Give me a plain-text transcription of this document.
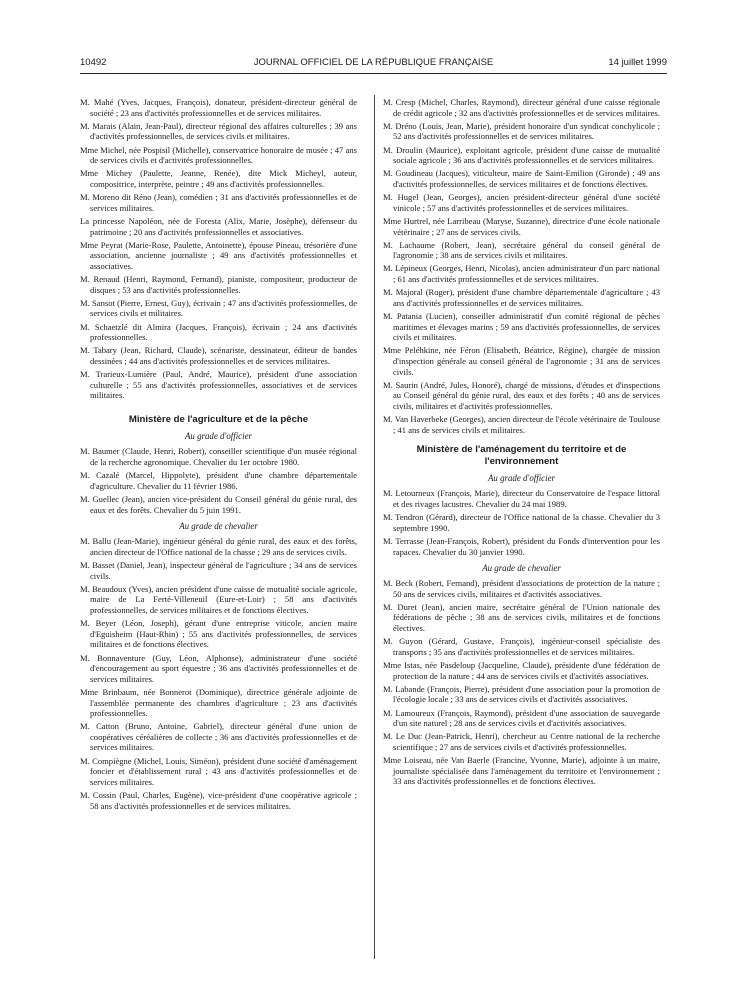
10492	JOURNAL OFFICIEL DE LA RÉPUBLIQUE FRANÇAISE	14 juillet 1999

M. Mahé (Yves, Jacques, François), donateur, président-directeur général de société ; 23 ans d'activités professionnelles et de services militaires.

M. Marais (Alain, Jean-Paul), directeur régional des affaires culturelles ; 39 ans d'activités professionnelles, de services civils et militaires.

Mme Michel, née Pospisil (Michelle), conservatrice honoraire de musée ; 47 ans de services civils et d'activités professionnelles.

Mme Michey (Paulette, Jeanne, Renée), dite Mick Micheyl, auteur, compositrice, interprète, peintre ; 49 ans d'activités professionnelles.

M. Moreno dit Réno (Jean), comédien ; 31 ans d'activités professionnelles et de services militaires.

La princesse Napoléon, née de Foresta (Alix, Marie, Josèphe), défenseur du patrimoine ; 20 ans d'activités professionnelles et associatives.

Mme Peyrat (Marie-Rose, Paulette, Antoinette), épouse Pineau, trésorière d'une association, ancienne journaliste ; 49 ans d'activités professionnelles et associatives.

M. Renaud (Henri, Raymond, Fernand), pianiste, compositeur, producteur de disques ; 53 ans d'activités professionnelles.

M. Sansot (Pierre, Ernest, Guy), écrivain ; 47 ans d'activités professionnelles, de services civils et militaires.

M. Schaetzlé dit Almira (Jacques, François), écrivain ; 24 ans d'activités professionnelles.

M. Tabary (Jean, Richard, Claude), scénariste, dessinateur, éditeur de bandes dessinées ; 44 ans d'activités professionnelles et de services militaires.

M. Trarieux-Lumière (Paul, André, Maurice), président d'une association culturelle ; 55 ans d'activités professionnelles, associatives et de services militaires.

Ministère de l'agriculture et de la pêche
Au grade d'officier

M. Baumer (Claude, Henri, Robert), conseiller scientifique d'un musée régional de la recherche agronomique. Chevalier du 1er octobre 1980.

M. Cazalé (Marcel, Hippolyte), président d'une chambre départementale d'agriculture. Chevalier du 11 février 1986.

M. Guellec (Jean), ancien vice-président du Conseil général du génie rural, des eaux et des forêts. Chevalier du 5 juin 1991.

Au grade de chevalier

M. Ballu (Jean-Marie), ingénieur général du génie rural, des eaux et des forêts, ancien directeur de l'Office national de la chasse ; 29 ans de services civils.

M. Basset (Daniel, Jean), inspecteur général de l'agriculture ; 34 ans de services civils.

M. Beaudoux (Yves), ancien président d'une caisse de mutualité sociale agricole, maire de La Ferté-Villeneuil (Eure-et-Loir) ; 58 ans d'activités professionnelles, de services militaires et de fonctions électives.

M. Beyer (Léon, Joseph), gérant d'une entreprise viticole, ancien maire d'Eguisheim (Haut-Rhin) ; 55 ans d'activités professionnelles, de services militaires et de fonctions électives.

M. Bonnaventure (Guy, Léon, Alphonse), administrateur d'une société d'encouragement au sport équestre ; 36 ans d'activités professionnelles et de services militaires.

Mme Brinbaum, née Bonnerot (Dominique), directrice générale adjointe de l'assemblée permanente des chambres d'agriculture ; 23 ans d'activités professionnelles.

M. Catton (Bruno, Antoine, Gabriel), directeur général d'une union de coopératives céréalières de collecte ; 36 ans d'activités professionnelles et de services militaires.

M. Compiègne (Michel, Louis, Siméon), président d'une société d'aménagement foncier et d'établissement rural ; 43 ans d'activités professionnelles et de services militaires.

M. Cossin (Paul, Charles, Eugène), vice-président d'une coopérative agricole ; 58 ans d'activités professionnelles et de services militaires.

M. Cresp (Michel, Charles, Raymond), directeur général d'une caisse régionale de crédit agricole ; 32 ans d'activités professionnelles et de services militaires.

M. Dréno (Louis, Jean, Marie), président honoraire d'un syndicat conchylicole ; 52 ans d'activités professionnelles et de services militaires.

M. Droulin (Maurice), exploitant agricole, président d'une caisse de mutualité sociale agricole ; 36 ans d'activités professionnelles et de services militaires.

M. Goudineau (Jacques), viticulteur, maire de Saint-Emilion (Gironde) ; 49 ans d'activités professionnelles, de services militaires et de fonctions électives.

M. Hugel (Jean, Georges), ancien président-directeur général d'une société vinicole ; 57 ans d'activités professionnelles et de services militaires.

Mme Hurtrel, née Larribeau (Maryse, Suzanne), directrice d'une école nationale vétérinaire ; 27 ans de services civils.

M. Lachaume (Robert, Jean), secrétaire général du conseil général de l'agronomie ; 38 ans de services civils et militaires.

M. Lépineux (Georges, Henri, Nicolas), ancien administrateur d'un parc national ; 61 ans d'activités professionnelles et de services militaires.

M. Majoral (Roger), président d'une chambre départementale d'agriculture ; 43 ans d'activités professionnelles et de services militaires.

M. Patania (Lucien), conseiller administratif d'un comité régional de pêches maritimes et élevages marins ; 59 ans d'activités professionnelles, de services civils et militaires.

Mme Peléhkine, née Féron (Elisabeth, Béatrice, Régine), chargée de mission d'inspection générale au conseil général de l'agronomie ; 31 ans de services civils.

M. Saurin (André, Jules, Honoré), chargé de missions, d'études et d'inspections au Conseil général du génie rural, des eaux et des forêts ; 40 ans de services civils, militaires et d'activités professionnelles.

M. Van Haverbeke (Georges), ancien directeur de l'école vétérinaire de Toulouse ; 41 ans de services civils et militaires.

Ministère de l'aménagement du territoire et de l'environnement
Au grade d'officier

M. Letourneux (François, Marie), directeur du Conservatoire de l'espace littoral et des rivages lacustres. Chevalier du 24 mai 1989.

M. Tendron (Gérard), directeur de l'Office national de la chasse. Chevalier du 3 septembre 1990.

M. Terrasse (Jean-François, Robert), président du Fonds d'intervention pour les rapaces. Chevalier du 30 janvier 1990.

Au grade de chevalier

M. Beck (Robert, Fernand), président d'associations de protection de la nature ; 50 ans de services civils, militaires et d'activités associatives.

M. Duret (Jean), ancien maire, secrétaire général de l'Union nationale des fédérations de pêche ; 38 ans de services civils, militaires et de fonctions électives.

M. Guyon (Gérard, Gustave, François), ingénieur-conseil spécialiste des transports ; 35 ans d'activités professionnelles et de services militaires.

Mme Istas, née Pasdeloup (Jacqueline, Claude), présidente d'une fédération de protection de la nature ; 44 ans de services civils et d'activités associatives.

M. Labande (François, Pierre), président d'une association pour la promotion de l'écologie locale ; 33 ans de services civils et d'activités associatives.

M. Lamoureux (François, Raymond), président d'une association de sauvegarde d'un site naturel ; 28 ans de services civils et d'activités associatives.

M. Le Duc (Jean-Patrick, Henri), chercheur au Centre national de la recherche scientifique ; 27 ans de services civils et d'activités professionnelles.

Mme Loiseau, née Van Baerle (Francine, Yvonne, Marie), adjointe à un maire, journaliste spécialisée dans l'aménagement du territoire et l'environnement ; 33 ans d'activités professionnelles et de fonctions électives.
